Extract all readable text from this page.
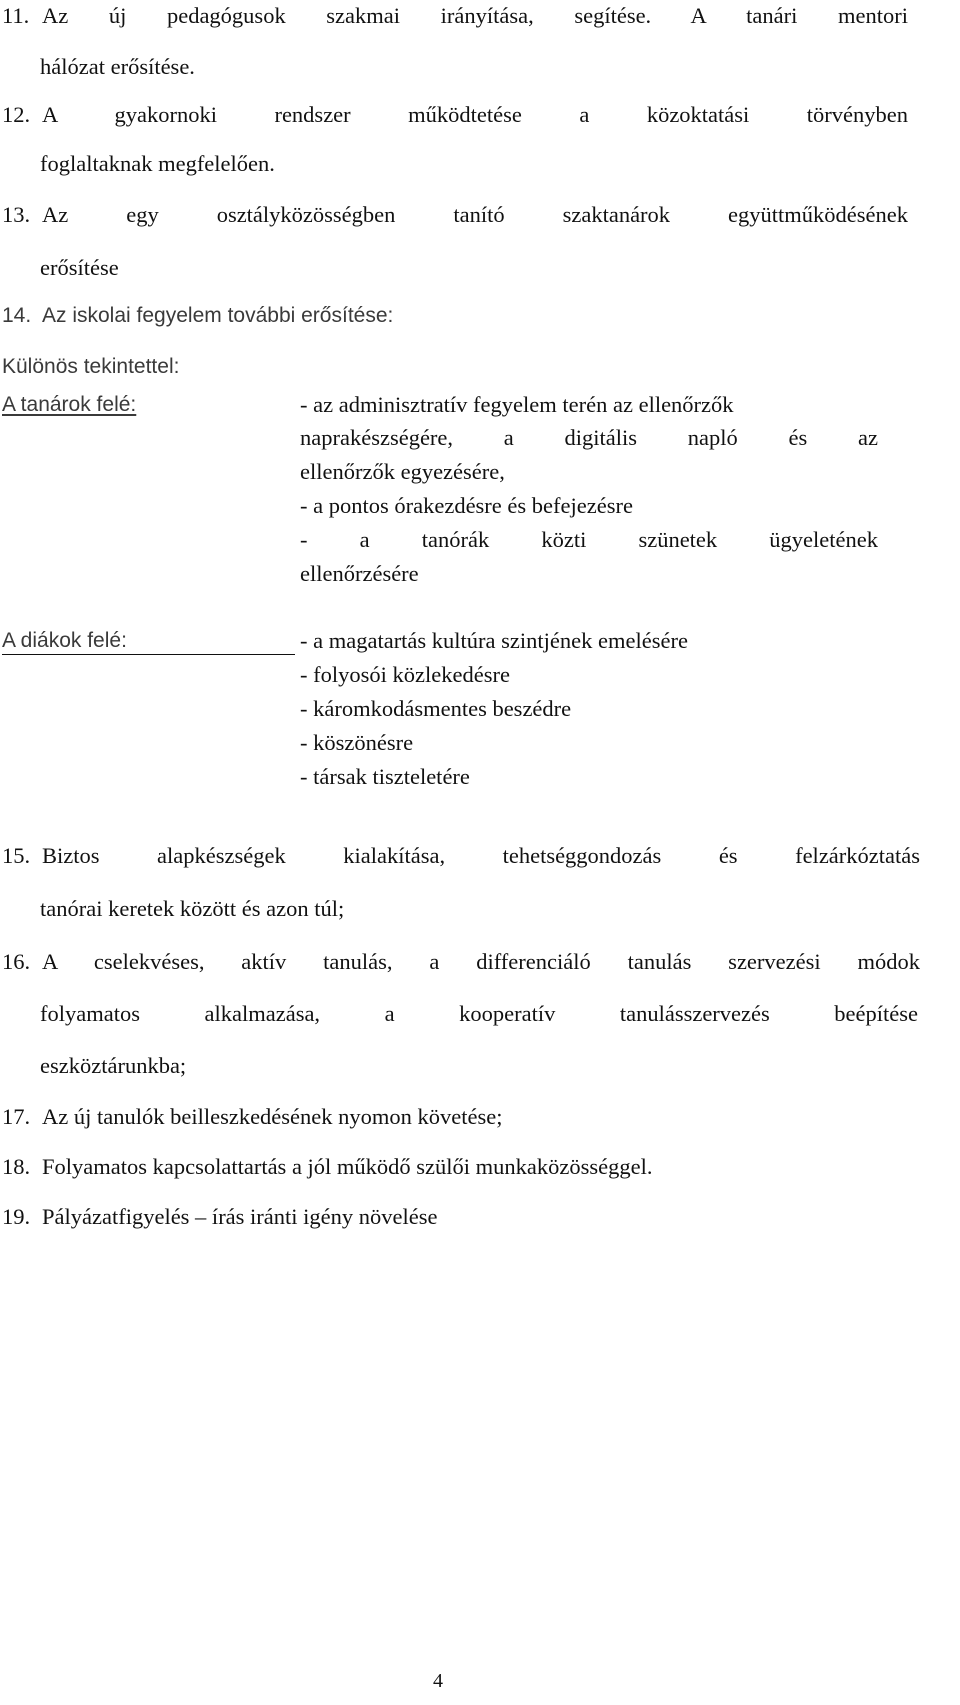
11. Az új pedagógusok szakmai irányítása, segítése. A tanári mentori
hálózat erősítése.
12. A gyakornoki rendszer működtetése a közoktatási törvényben
foglaltaknak megfelelően.
13. Az egy osztályközösségben tanító szaktanárok együttműködésének
erősítése
14. Az iskolai fegyelem további erősítése:
Különös tekintettel:
A tanárok felé:	- az adminisztratív fegyelem terén az ellenőrzők
naprakészségére, a digitális napló és az
ellenőrzők egyezésére,
- a pontos órakezdésre és befejezésre
- a tanórák közti szünetek ügyeletének
ellenőrzésére
A diákok felé:	- a magatartás kultúra szintjének emelésére
- folyosói közlekedésre
- káromkodásmentes beszédre
- köszönésre
- társak tiszteletére
15. Biztos alapkészségek kialakítása, tehetséggondozás és felzárkóztatás
tanórai keretek között és azon túl;
16. A cselekvéses, aktív tanulás, a differenciáló tanulás szervezési módok
folyamatos alkalmazása, a kooperatív tanulásszervezés beépítése
eszköztárunkba;
17. Az új tanulók beilleszkedésének nyomon követése;
18. Folyamatos kapcsolattartás a jól működő szülői munkaközösséggel.
19. Pályázatfigyelés – írás iránti igény növelése
4
